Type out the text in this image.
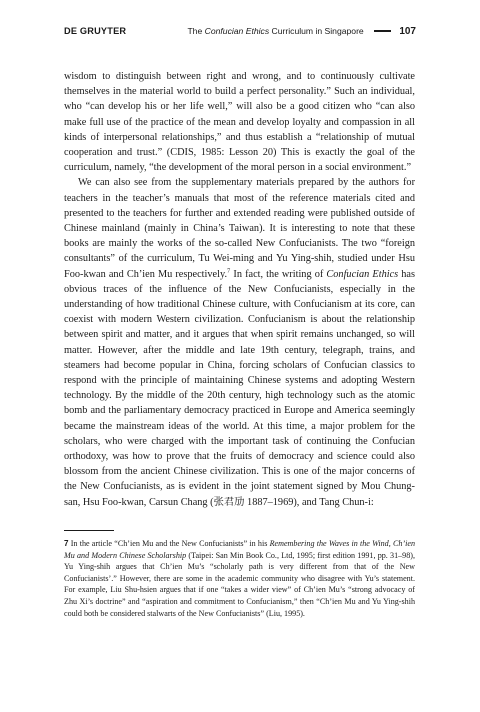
DE GRUYTER	The Confucian Ethics Curriculum in Singapore	107

wisdom to distinguish between right and wrong, and to continuously cultivate themselves in the material world to build a perfect personality.” Such an individual, who “can develop his or her life well,” will also be a good citizen who “can also make full use of the practice of the mean and develop loyalty and compassion in all kinds of interpersonal relationships,” and thus establish a “relationship of mutual cooperation and trust.” (CDIS, 1985: Lesson 20) This is exactly the goal of the curriculum, namely, “the development of the moral person in a social environment.”

We can also see from the supplementary materials prepared by the authors for teachers in the teacher’s manuals that most of the reference materials cited and presented to the teachers for further and extended reading were published outside of Chinese mainland (mainly in China’s Taiwan). It is interesting to note that these books are mainly the works of the so-called New Confucianists. The two “foreign consultants” of the curriculum, Tu Wei-ming and Yu Ying-shih, studied under Hsu Foo-kwan and Ch’ien Mu respectively.$^7$ In fact, the writing of Confucian Ethics has obvious traces of the influence of the New Confucianists, especially in the understanding of how traditional Chinese culture, with Confucianism at its core, can coexist with modern Western civilization. Confucianism is about the relationship between spirit and matter, and it argues that when spirit remains unchanged, so will matter. However, after the middle and late 19th century, telegraph, trains, and steamers had become popular in China, forcing scholars of Confucian classics to respond with the principle of maintaining Chinese systems and adopting Western technology. By the middle of the 20th century, high technology such as the atomic bomb and the parliamentary democracy practiced in Europe and America seemingly became the mainstream ideas of the world. At this time, a major problem for the scholars, who were charged with the important task of continuing the Confucian orthodoxy, was how to prove that the fruits of democracy and science could also blossom from the ancient Chinese civilization. This is one of the major concerns of the New Confucianists, as is evident in the joint statement signed by Mou Chung-san, Hsu Foo-kwan, Carsun Chang (张君劢 1887–1969), and Tang Chun-i:

7 In the article “Ch’ien Mu and the New Confucianists” in his Remembering the Waves in the Wind, Ch’ien Mu and Modern Chinese Scholarship (Taipei: San Min Book Co., Ltd, 1995; first edition 1991, pp. 31–98), Yu Ying-shih argues that Ch’ien Mu’s “scholarly path is very different from that of the New Confucianists’.” However, there are some in the academic community who disagree with Yu’s statement. For example, Liu Shu-hsien argues that if one “takes a wider view” of Ch’ien Mu’s “strong advocacy of Zhu Xi’s doctrine” and “aspiration and commitment to Confucianism,” then “Ch’ien Mu and Yu Ying-shih could both be considered stalwarts of the New Confucianists” (Liu, 1995).
